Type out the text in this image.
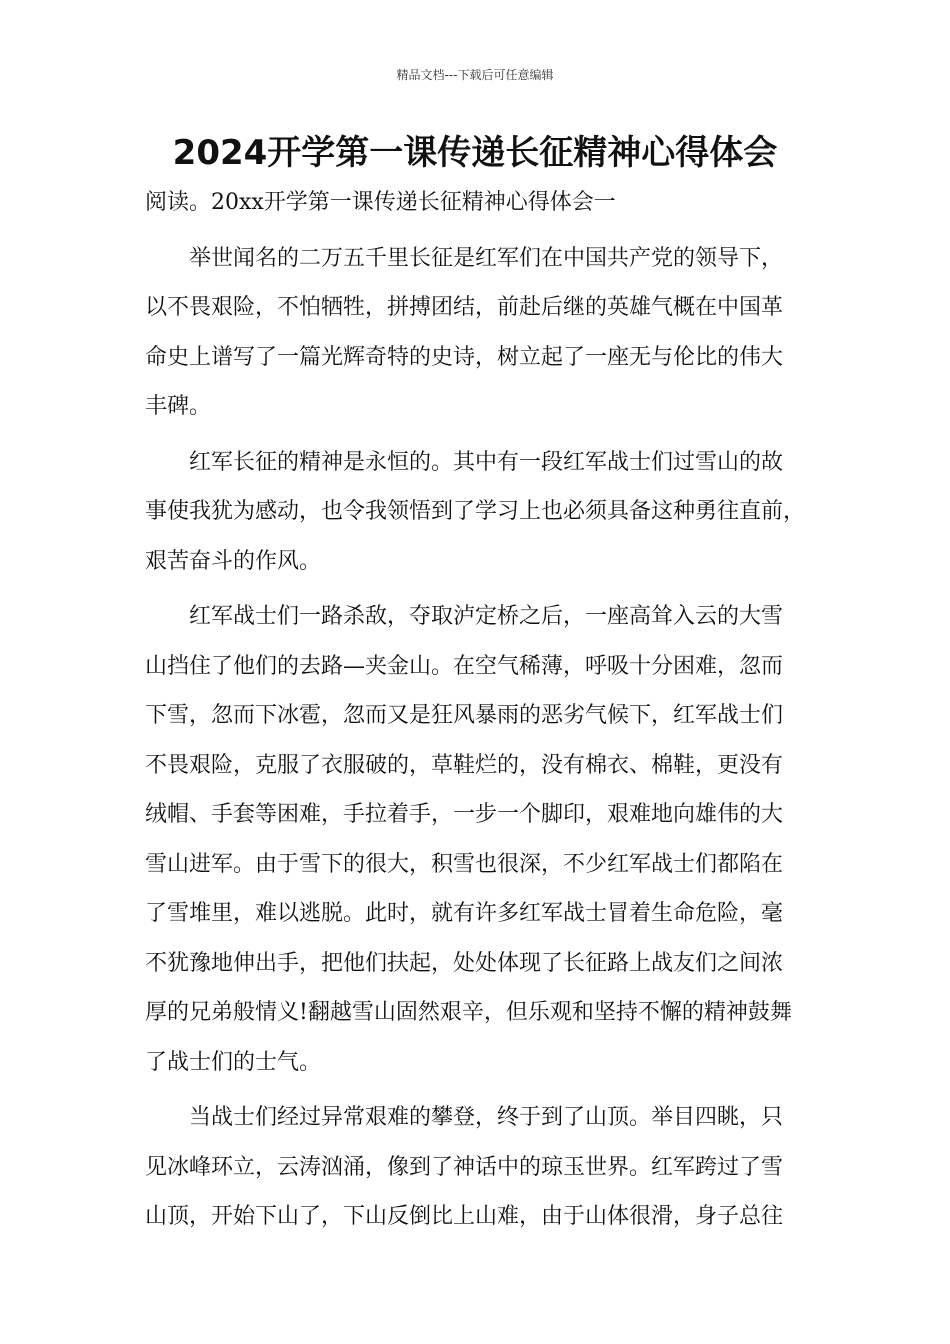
精品文档---下载后可任意编辑
2024开学第一课传递长征精神心得体会
阅读。20xx开学第一课传递长征精神心得体会一
举世闻名的二万五千里长征是红军们在中国共产党的领导下，
以不畏艰险，不怕牺牲，拼搏团结，前赴后继的英雄气概在中国革
命史上谱写了一篇光辉奇特的史诗，树立起了一座无与伦比的伟大
丰碑。
红军长征的精神是永恒的。其中有一段红军战士们过雪山的故
事使我犹为感动，也令我领悟到了学习上也必须具备这种勇往直前，
艰苦奋斗的作风。
红军战士们一路杀敌，夺取泸定桥之后，一座高耸入云的大雪
山挡住了他们的去路—夹金山。在空气稀薄，呼吸十分困难，忽而
下雪，忽而下冰雹，忽而又是狂风暴雨的恶劣气候下，红军战士们
不畏艰险，克服了衣服破的，草鞋烂的，没有棉衣、棉鞋，更没有
绒帽、手套等困难，手拉着手，一步一个脚印，艰难地向雄伟的大
雪山进军。由于雪下的很大，积雪也很深，不少红军战士们都陷在
了雪堆里，难以逃脱。此时，就有许多红军战士冒着生命危险，毫
不犹豫地伸出手，把他们扶起，处处体现了长征路上战友们之间浓
厚的兄弟般情义!翻越雪山固然艰辛，但乐观和坚持不懈的精神鼓舞
了战士们的士气。
当战士们经过异常艰难的攀登，终于到了山顶。举目四眺，只
见冰峰环立，云涛汹涌，像到了神话中的琼玉世界。红军跨过了雪
山顶，开始下山了，下山反倒比上山难，由于山体很滑，身子总往
